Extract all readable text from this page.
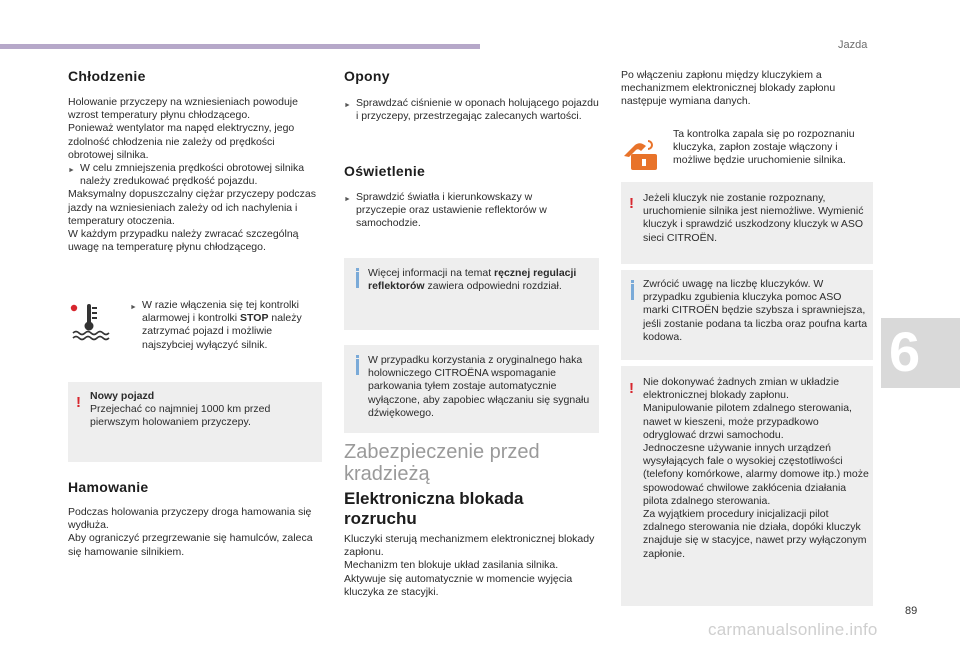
Jazda
6
Chłodzenie

Holowanie przyczepy na wzniesieniach powoduje wzrost temperatury płynu chłodzącego.

Ponieważ wentylator ma napęd elektryczny, jego zdolność chłodzenia nie zależy od prędkości obrotowej silnika.

► W celu zmniejszenia prędkości obrotowej silnika należy zredukować prędkość pojazdu.

Maksymalny dopuszczalny ciężar przyczepy podczas jazdy na wzniesieniach zależy od ich nachylenia i temperatury otoczenia.

W każdym przypadku należy zwracać szczególną uwagę na temperaturę płynu chłodzącego.

► W razie włączenia się tej kontrolki alarmowej i kontrolki STOP należy zatrzymać pojazd i możliwie najszybciej wyłączyć silnik.

! Nowy pojazd

Przejechać co najmniej 1000 km przed pierwszym holowaniem przyczepy.

Hamowanie

Podczas holowania przyczepy droga hamowania się wydłuża.

Aby ograniczyć przegrzewanie się hamulców, zaleca się hamowanie silnikiem.

Opony

► Sprawdzać ciśnienie w oponach holującego pojazdu i przyczepy, przestrzegając zalecanych wartości.

Oświetlenie

► Sprawdzić światła i kierunkowskazy w przyczepie oraz ustawienie reflektorów w samochodzie.

Więcej informacji na temat ręcznej regulacji reflektorów zawiera odpowiedni rozdział.

W przypadku korzystania z oryginalnego haka holowniczego CITROËNA wspomaganie parkowania tyłem zostaje automatycznie wyłączone, aby zapobiec włączaniu się sygnału dźwiękowego.
Zabezpieczenie przed kradzieżą
Elektroniczna blokada rozruchu

Kluczyki sterują mechanizmem elektronicznej blokady zapłonu.

Mechanizm ten blokuje układ zasilania silnika.

Aktywuje się automatycznie w momencie wyjęcia kluczyka ze stacyjki.

Po włączeniu zapłonu między kluczykiem a mechanizmem elektronicznej blokady zapłonu następuje wymiana danych.
Ta kontrolka zapala się po rozpoznaniu kluczyka, zapłon zostaje włączony i możliwe będzie uruchomienie silnika.
! Jeżeli kluczyk nie zostanie rozpoznany, uruchomienie silnika jest niemożliwe. Wymienić kluczyk i sprawdzić uszkodzony kluczyk w ASO sieci CITROËN.
Zwrócić uwagę na liczbę kluczyków. W przypadku zgubienia kluczyka pomoc ASO marki CITROËN będzie szybsza i sprawniejsza, jeśli zostanie podana ta liczba oraz poufna karta kodowa.
! Nie dokonywać żadnych zmian w układzie elektronicznej blokady zapłonu.

Manipulowanie pilotem zdalnego sterowania, nawet w kieszeni, może przypadkowo odryglować drzwi samochodu.

Jednoczesne używanie innych urządzeń wysyłających fale o wysokiej częstotliwości (telefony komórkowe, alarmy domowe itp.) może spowodować chwilowe zakłócenia działania pilota zdalnego sterowania.

Za wyjątkiem procedury inicjalizacji pilot zdalnego sterowania nie działa, dopóki kluczyk znajduje się w stacyjce, nawet przy wyłączonym zapłonie.

89
carmanualsonline.info
